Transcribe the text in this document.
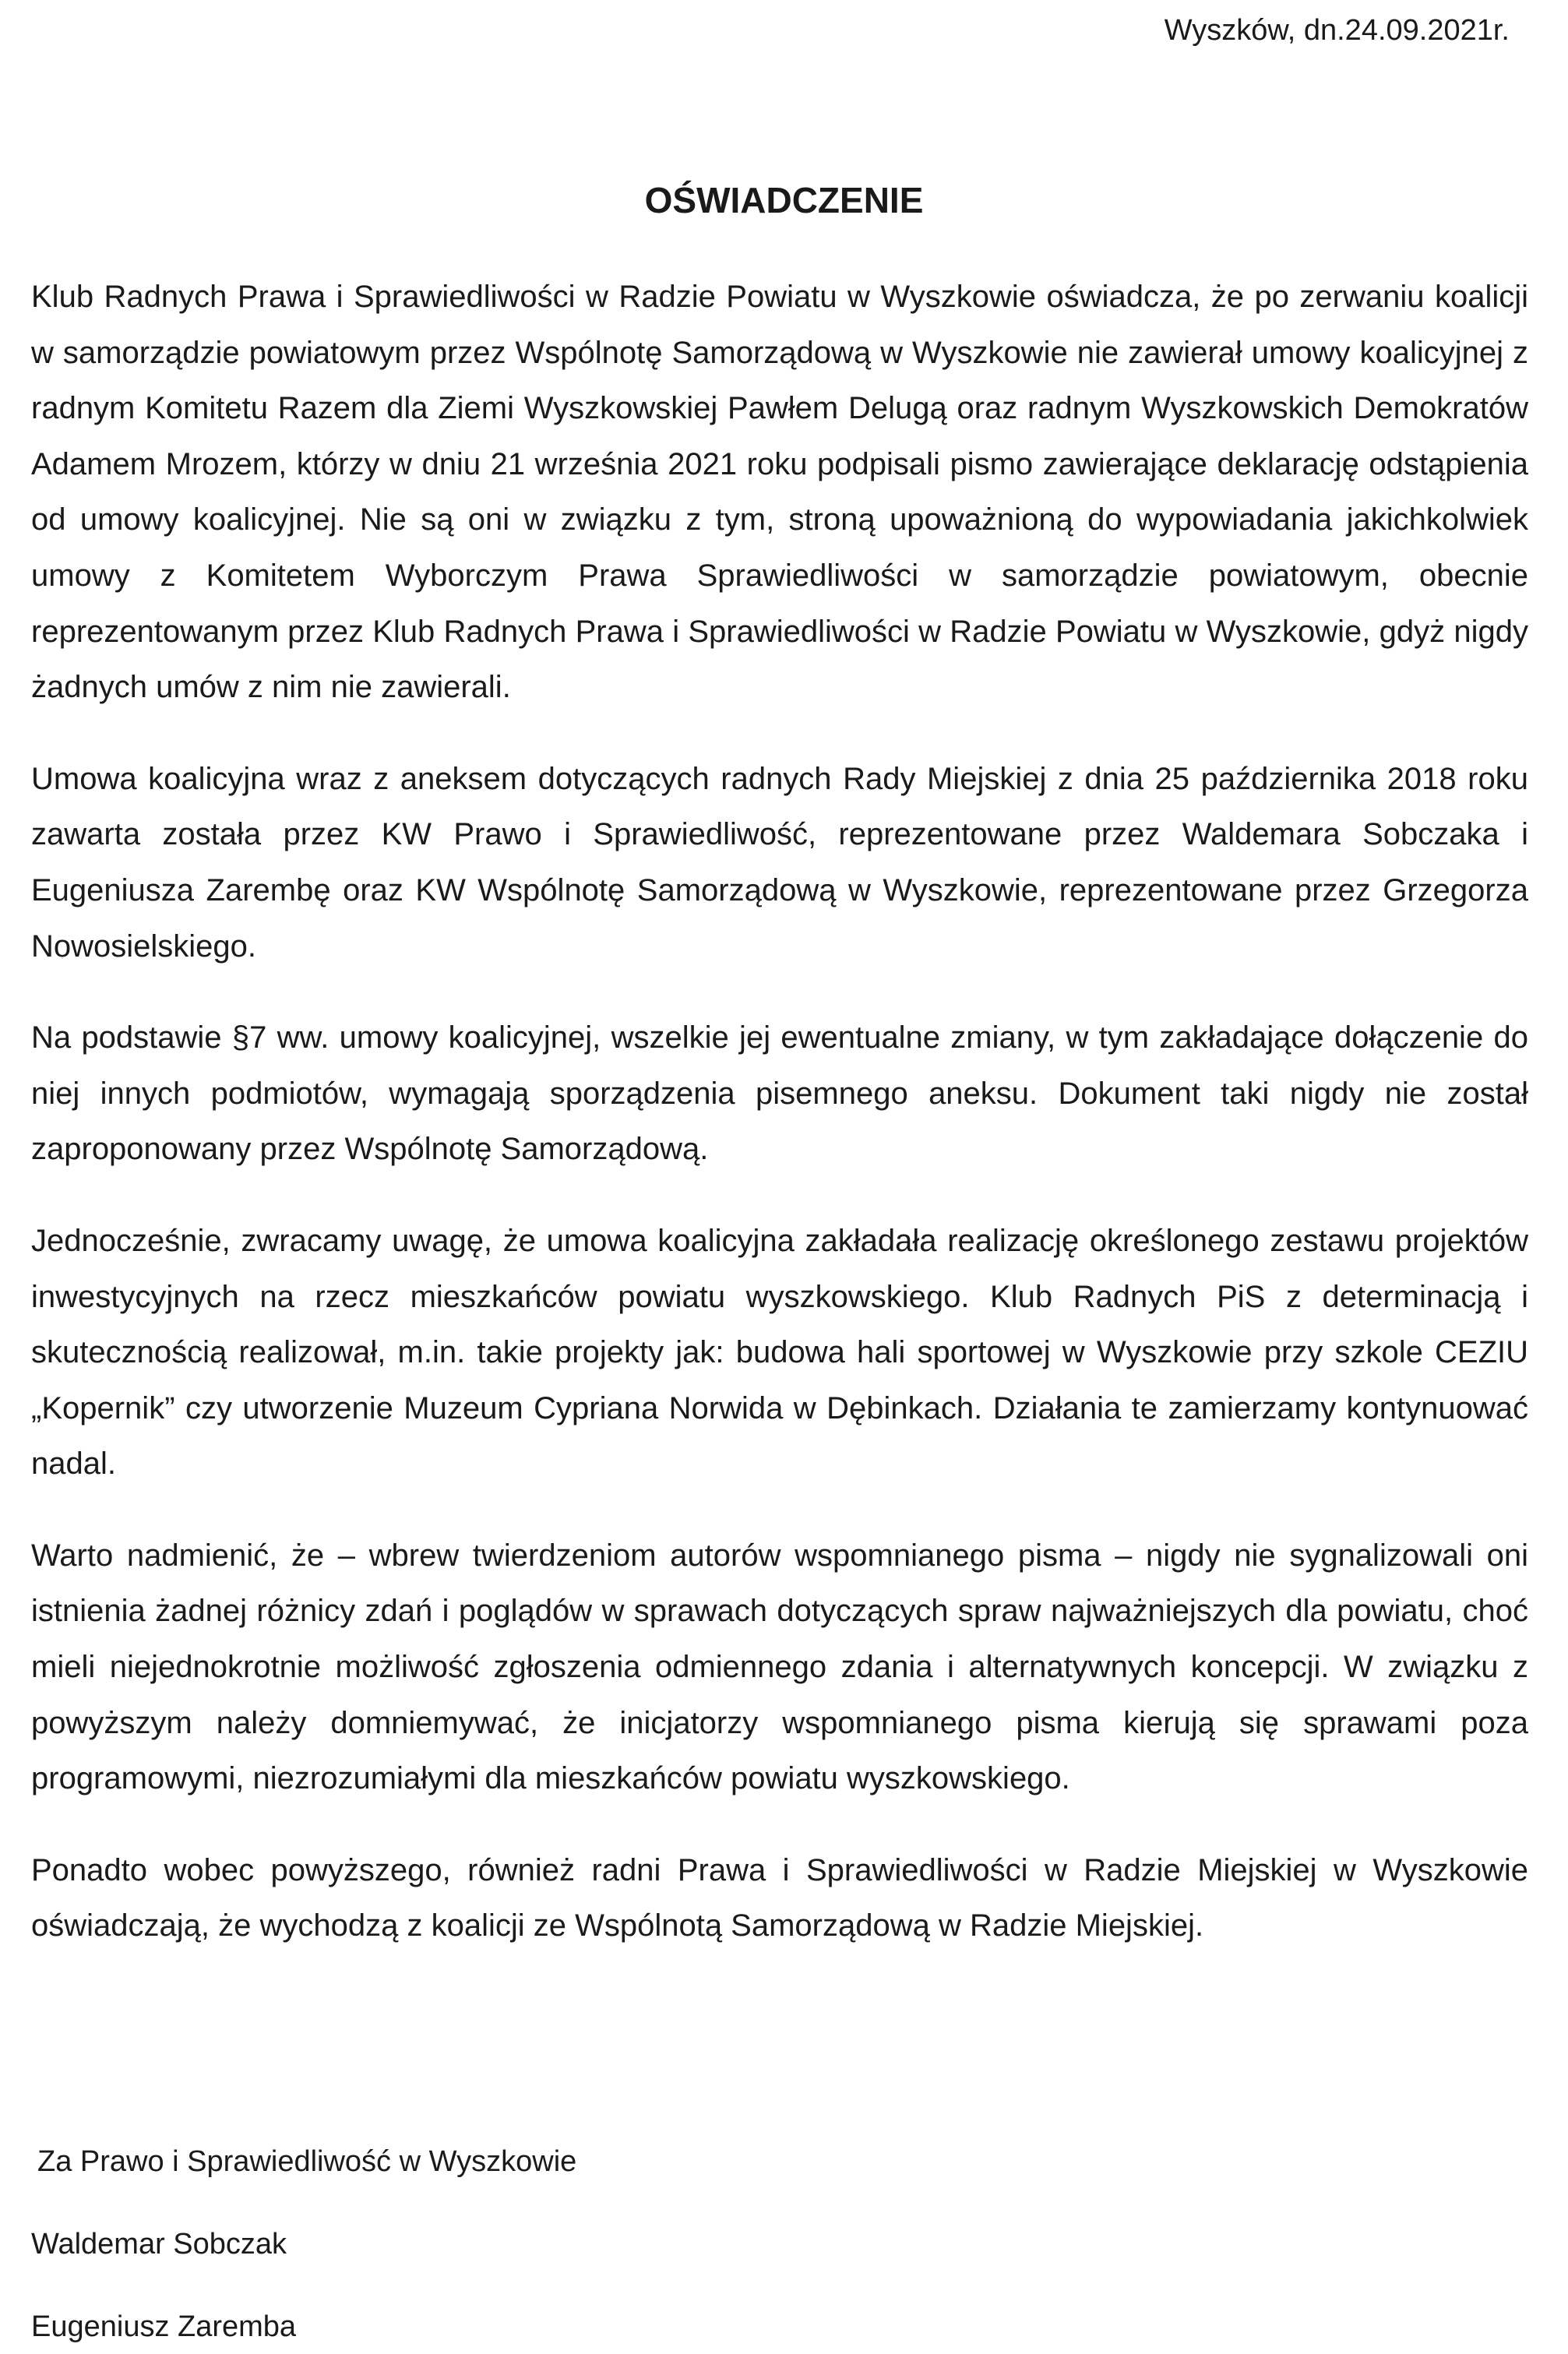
Wyszków, dn.24.09.2021r.
OŚWIADCZENIE

Klub Radnych Prawa i Sprawiedliwości w Radzie Powiatu w Wyszkowie oświadcza, że po zerwaniu koalicji w samorządzie powiatowym przez Wspólnotę Samorządową w Wyszkowie nie zawierał umowy koalicyjnej z radnym Komitetu Razem dla Ziemi Wyszkowskiej Pawłem Delugą oraz radnym Wyszkowskich Demokratów Adamem Mrozem, którzy w dniu 21 września 2021 roku podpisali pismo zawierające deklarację odstąpienia od umowy koalicyjnej. Nie są oni w związku z tym, stroną upoważnioną do wypowiadania jakichkolwiek umowy z Komitetem Wyborczym Prawa Sprawiedliwości w samorządzie powiatowym, obecnie reprezentowanym przez Klub Radnych Prawa i Sprawiedliwości w Radzie Powiatu w Wyszkowie, gdyż nigdy żadnych umów z nim nie zawierali.

Umowa koalicyjna wraz z aneksem dotyczących radnych Rady Miejskiej z dnia 25 października 2018 roku zawarta została przez KW Prawo i Sprawiedliwość, reprezentowane przez Waldemara Sobczaka i Eugeniusza Zarembę oraz KW Wspólnotę Samorządową w Wyszkowie, reprezentowane przez Grzegorza Nowosielskiego.

Na podstawie §7 ww. umowy koalicyjnej, wszelkie jej ewentualne zmiany, w tym zakładające dołączenie do niej innych podmiotów, wymagają sporządzenia pisemnego aneksu. Dokument taki nigdy nie został zaproponowany przez Wspólnotę Samorządową.

Jednocześnie, zwracamy uwagę, że umowa koalicyjna zakładała realizację określonego zestawu projektów inwestycyjnych na rzecz mieszkańców powiatu wyszkowskiego. Klub Radnych PiS z determinacją i skutecznością realizował, m.in. takie projekty jak: budowa hali sportowej w Wyszkowie przy szkole CEZIU „Kopernik” czy utworzenie Muzeum Cypriana Norwida w Dębinkach. Działania te zamierzamy kontynuować nadal.

Warto nadmienić, że – wbrew twierdzeniom autorów wspomnianego pisma – nigdy nie sygnalizowali oni istnienia żadnej różnicy zdań i poglądów w sprawach dotyczących spraw najważniejszych dla powiatu, choć mieli niejednokrotnie możliwość zgłoszenia odmiennego zdania i alternatywnych koncepcji. W związku z powyższym należy domniemywać, że inicjatorzy wspomnianego pisma kierują się sprawami poza programowymi, niezrozumiałymi dla mieszkańców powiatu wyszkowskiego.

Ponadto wobec powyższego, również radni Prawa i Sprawiedliwości w Radzie Miejskiej w Wyszkowie oświadczają, że wychodzą z koalicji ze Wspólnotą Samorządową w Radzie Miejskiej.

Za Prawo i Sprawiedliwość w Wyszkowie
Waldemar Sobczak
Eugeniusz Zaremba
